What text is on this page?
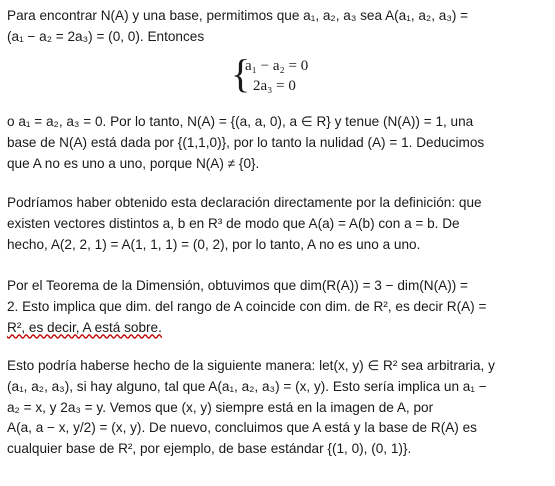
Para encontrar N(A) y una base, permitimos que a₁, a₂, a₃ sea A(a₁, a₂, a₃) =
(a₁ − a₂ = 2a₃) = (0, 0). Entonces

{
a₁ − a₂ = 0
2a₃ = 0

o a₁ = a₂, a₃ = 0. Por lo tanto, N(A) = {(a, a, 0), a ∈ R} y tenue (N(A)) = 1, una
base de N(A) está dada por {(1,1,0)}, por lo tanto la nulidad (A) = 1. Deducimos
que A no es uno a uno, porque N(A) ≠ {0}.

Podríamos haber obtenido esta declaración directamente por la definición: que
existen vectores distintos a, b en R³ de modo que A(a) = A(b) con a = b. De
hecho, A(2, 2, 1) = A(1, 1, 1) = (0, 2), por lo tanto, A no es uno a uno.

Por el Teorema de la Dimensión, obtuvimos que dim(R(A)) = 3 − dim(N(A)) =
2. Esto implica que dim. del rango de A coincide con dim. de R², es decir R(A) =
R², es decir, A está sobre.

Esto podría haberse hecho de la siguiente manera: let(x, y) ∈ R² sea arbitraria, y
(a₁, a₂, a₃), si hay alguno, tal que A(a₁, a₂, a₃) = (x, y). Esto sería implica un a₁ −
a₂ = x, y 2a₃ = y. Vemos que (x, y) siempre está en la imagen de A, por
A(a, a − x, y/2) = (x, y). De nuevo, concluimos que A está y la base de R(A) es
cualquier base de R², por ejemplo, de base estándar {(1, 0), (0, 1)}.
